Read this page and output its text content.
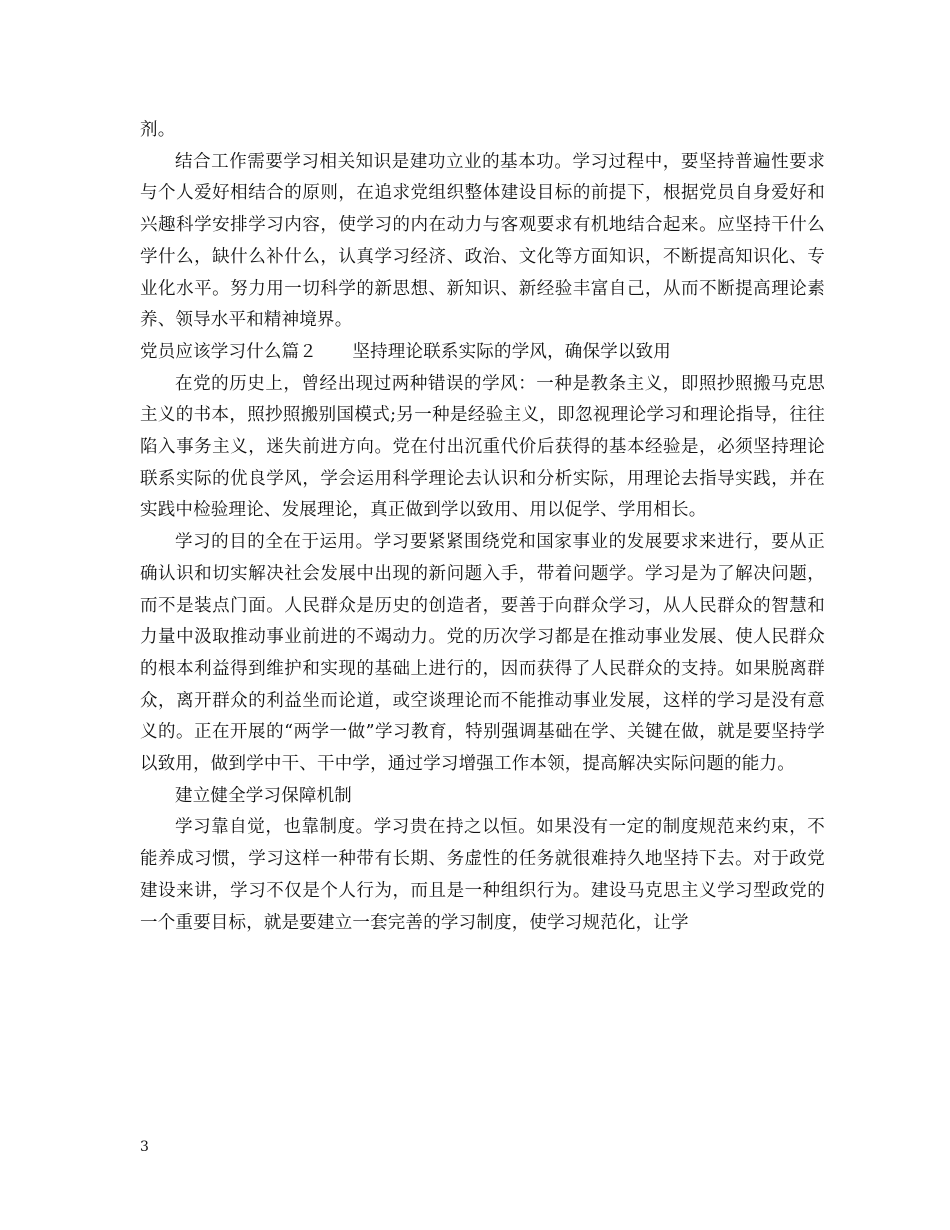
剂。

结合工作需要学习相关知识是建功立业的基本功。学习过程中，要坚持普遍性要求与个人爱好相结合的原则，在追求党组织整体建设目标的前提下，根据党员自身爱好和兴趣科学安排学习内容，使学习的内在动力与客观要求有机地结合起来。应坚持干什么学什么，缺什么补什么，认真学习经济、政治、文化等方面知识，不断提高知识化、专业化水平。努力用一切科学的新思想、新知识、新经验丰富自己，从而不断提高理论素养、领导水平和精神境界。

党员应该学习什么篇２　　坚持理论联系实际的学风，确保学以致用

在党的历史上，曾经出现过两种错误的学风：一种是教条主义，即照抄照搬马克思主义的书本，照抄照搬别国模式;另一种是经验主义，即忽视理论学习和理论指导，往往陷入事务主义，迷失前进方向。党在付出沉重代价后获得的基本经验是，必须坚持理论联系实际的优良学风，学会运用科学理论去认识和分析实际，用理论去指导实践，并在实践中检验理论、发展理论，真正做到学以致用、用以促学、学用相长。

学习的目的全在于运用。学习要紧紧围绕党和国家事业的发展要求来进行，要从正确认识和切实解决社会发展中出现的新问题入手，带着问题学。学习是为了解决问题，而不是装点门面。人民群众是历史的创造者，要善于向群众学习，从人民群众的智慧和力量中汲取推动事业前进的不竭动力。党的历次学习都是在推动事业发展、使人民群众的根本利益得到维护和实现的基础上进行的，因而获得了人民群众的支持。如果脱离群众，离开群众的利益坐而论道，或空谈理论而不能推动事业发展，这样的学习是没有意义的。正在开展的“两学一做”学习教育，特别强调基础在学、关键在做，就是要坚持学以致用，做到学中干、干中学，通过学习增强工作本领，提高解决实际问题的能力。

建立健全学习保障机制

学习靠自觉，也靠制度。学习贵在持之以恒。如果没有一定的制度规范来约束，不能养成习惯，学习这样一种带有长期、务虚性的任务就很难持久地坚持下去。对于政党建设来讲，学习不仅是个人行为，而且是一种组织行为。建设马克思主义学习型政党的一个重要目标，就是要建立一套完善的学习制度，使学习规范化，让学

3
